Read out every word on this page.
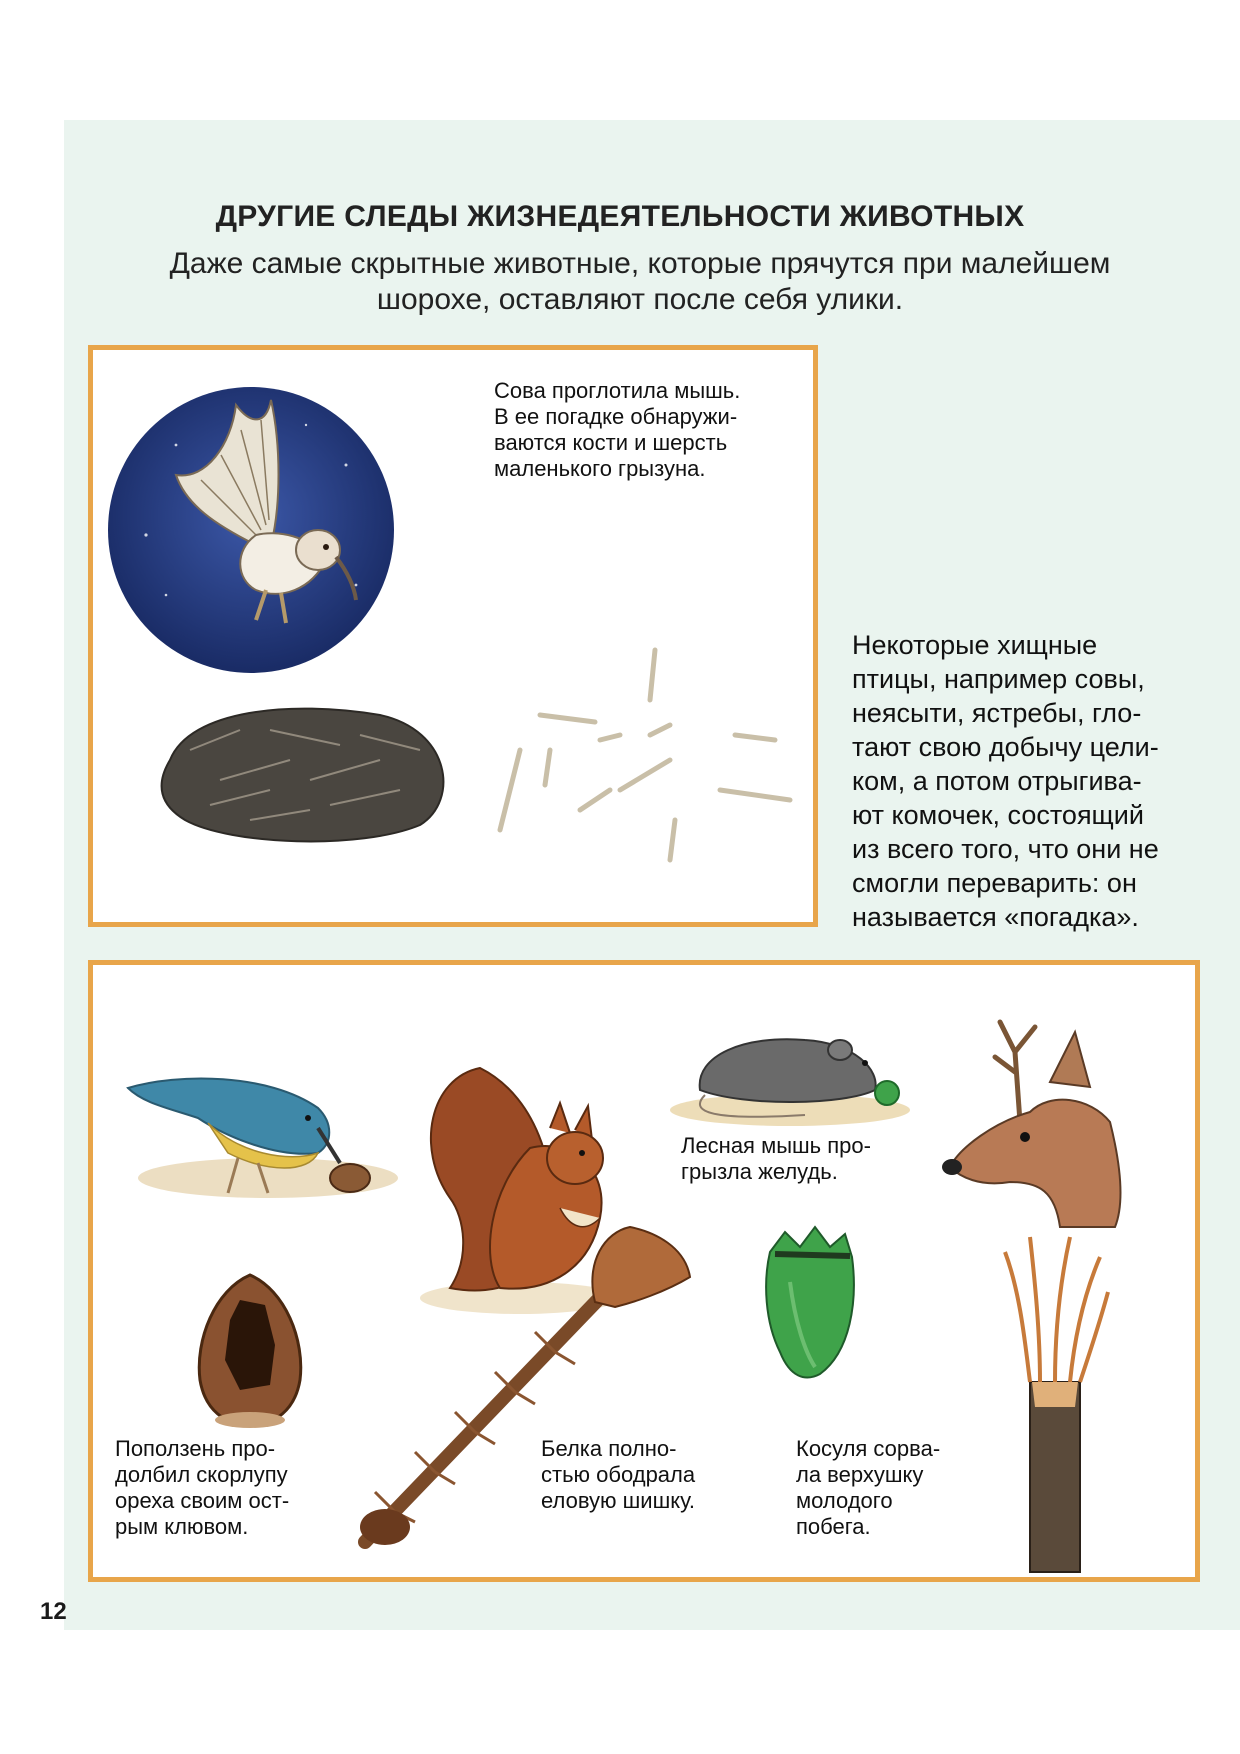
ДРУГИЕ СЛЕДЫ ЖИЗНЕДЕЯТЕЛЬНОСТИ ЖИВОТНЫХ
Даже самые скрытные животные, которые прячутся при малейшем
шорохе, оставляют после себя улики.
Сова проглотила мышь.
В ее погадке обнаружи-
ваются кости и шерсть
маленького грызуна.
Некоторые хищные
птицы, например совы,
неясыти, ястребы, гло-
тают свою добычу цели-
ком, а потом отрыгива-
ют комочек, состоящий
из всего того, что они не
смогли переварить: он
называется «погадка».
Поползень про-
долбил скорлупу
ореха своим ост-
рым клювом.
Белка полно-
стью ободрала
еловую шишку.
Лесная мышь про-
грызла желудь.
Косуля сорва-
ла верхушку
молодого
побега.
12
